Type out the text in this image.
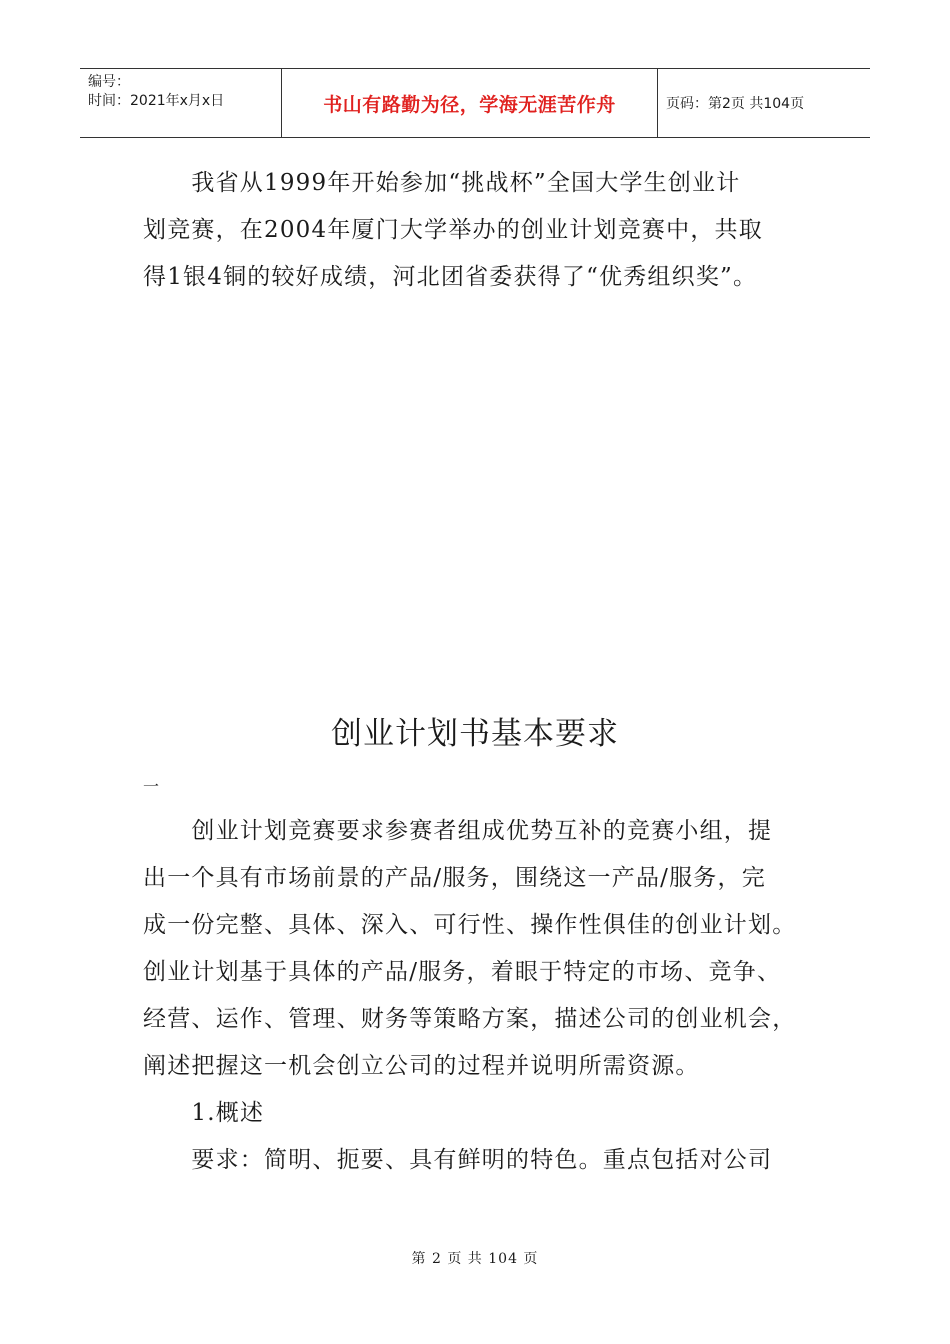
编号：
时间：2021年x月x日	书山有路勤为径，学海无涯苦作舟	页码：第2页 共104页
　　我省从1999年开始参加“挑战杯”全国大学生创业计
划竞赛，在2004年厦门大学举办的创业计划竞赛中，共取
得1银4铜的较好成绩，河北团省委获得了“优秀组织奖”。
创业计划书基本要求
一
　　创业计划竞赛要求参赛者组成优势互补的竞赛小组，提
出一个具有市场前景的产品/服务，围绕这一产品/服务，完
成一份完整、具体、深入、可行性、操作性俱佳的创业计划。
创业计划基于具体的产品/服务，着眼于特定的市场、竞争、
经营、运作、管理、财务等策略方案，描述公司的创业机会，
阐述把握这一机会创立公司的过程并说明所需资源。
　　1.概述
　　要求：简明、扼要、具有鲜明的特色。重点包括对公司
第 2 页 共 104 页
